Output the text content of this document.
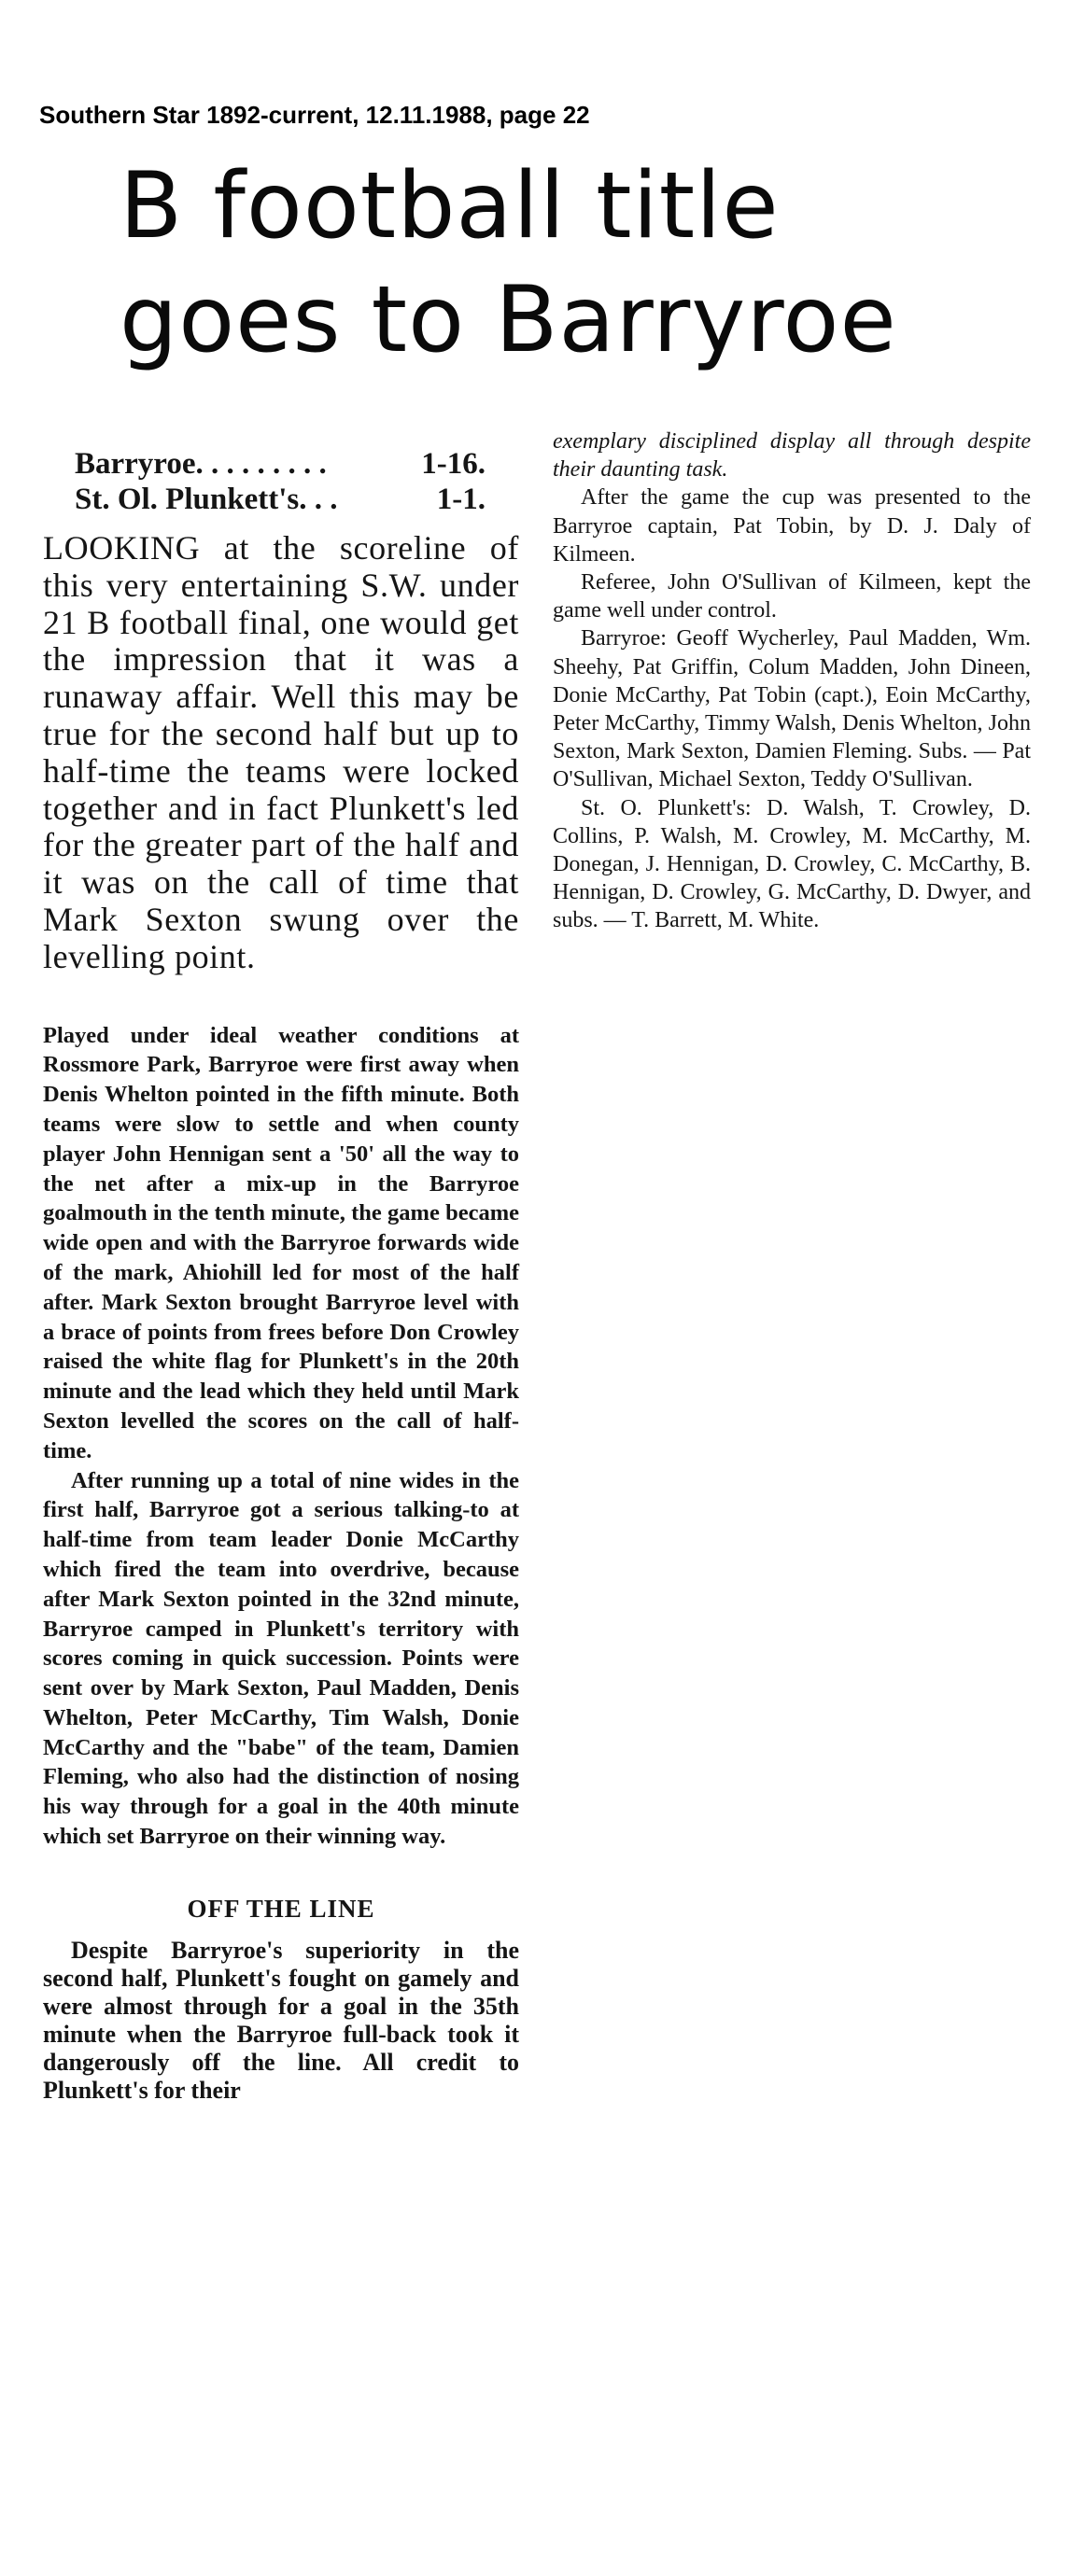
Southern Star 1892-current, 12.11.1988, page 22
B football title
goes to Barryroe
Barryroe. . . . . . . . .	1-16.
St. Ol. Plunkett's. . .	1-1.

LOOKING at the scoreline of this very entertaining S.W. under 21 B football final, one would get the impression that it was a runaway affair. Well this may be true for the second half but up to half-time the teams were locked together and in fact Plunkett's led for the greater part of the half and it was on the call of time that Mark Sexton swung over the levelling point.

Played under ideal weather conditions at Rossmore Park, Barryroe were first away when Denis Whelton pointed in the fifth minute. Both teams were slow to settle and when county player John Hennigan sent a '50' all the way to the net after a mix-up in the Barryroe goalmouth in the tenth minute, the game became wide open and with the Barryroe forwards wide of the mark, Ahiohill led for most of the half after. Mark Sexton brought Barryroe level with a brace of points from frees before Don Crowley raised the white flag for Plunkett's in the 20th minute and the lead which they held until Mark Sexton levelled the scores on the call of half-time.

After running up a total of nine wides in the first half, Barryroe got a serious talking-to at half-time from team leader Donie McCarthy which fired the team into overdrive, because after Mark Sexton pointed in the 32nd minute, Barryroe camped in Plunkett's territory with scores coming in quick succession. Points were sent over by Mark Sexton, Paul Madden, Denis Whelton, Peter McCarthy, Tim Walsh, Donie McCarthy and the "babe" of the team, Damien Fleming, who also had the distinction of nosing his way through for a goal in the 40th minute which set Barryroe on their winning way.

OFF THE LINE

Despite Barryroe's superiority in the second half, Plunkett's fought on gamely and were almost through for a goal in the 35th minute when the Barryroe full-back took it dangerously off the line. All credit to Plunkett's for their

exemplary disciplined display all through despite their daunting task.

After the game the cup was presented to the Barryroe captain, Pat Tobin, by D. J. Daly of Kilmeen.

Referee, John O'Sullivan of Kilmeen, kept the game well under control.

Barryroe: Geoff Wycherley, Paul Madden, Wm. Sheehy, Pat Griffin, Colum Madden, John Dineen, Donie McCarthy, Pat Tobin (capt.), Eoin McCarthy, Peter McCarthy, Timmy Walsh, Denis Whelton, John Sexton, Mark Sexton, Damien Fleming. Subs. — Pat O'Sullivan, Michael Sexton, Teddy O'Sullivan.

St. O. Plunkett's: D. Walsh, T. Crowley, D. Collins, P. Walsh, M. Crowley, M. McCarthy, M. Donegan, J. Hennigan, D. Crowley, C. McCarthy, B. Hennigan, D. Crowley, G. McCarthy, D. Dwyer, and subs. — T. Barrett, M. White.
